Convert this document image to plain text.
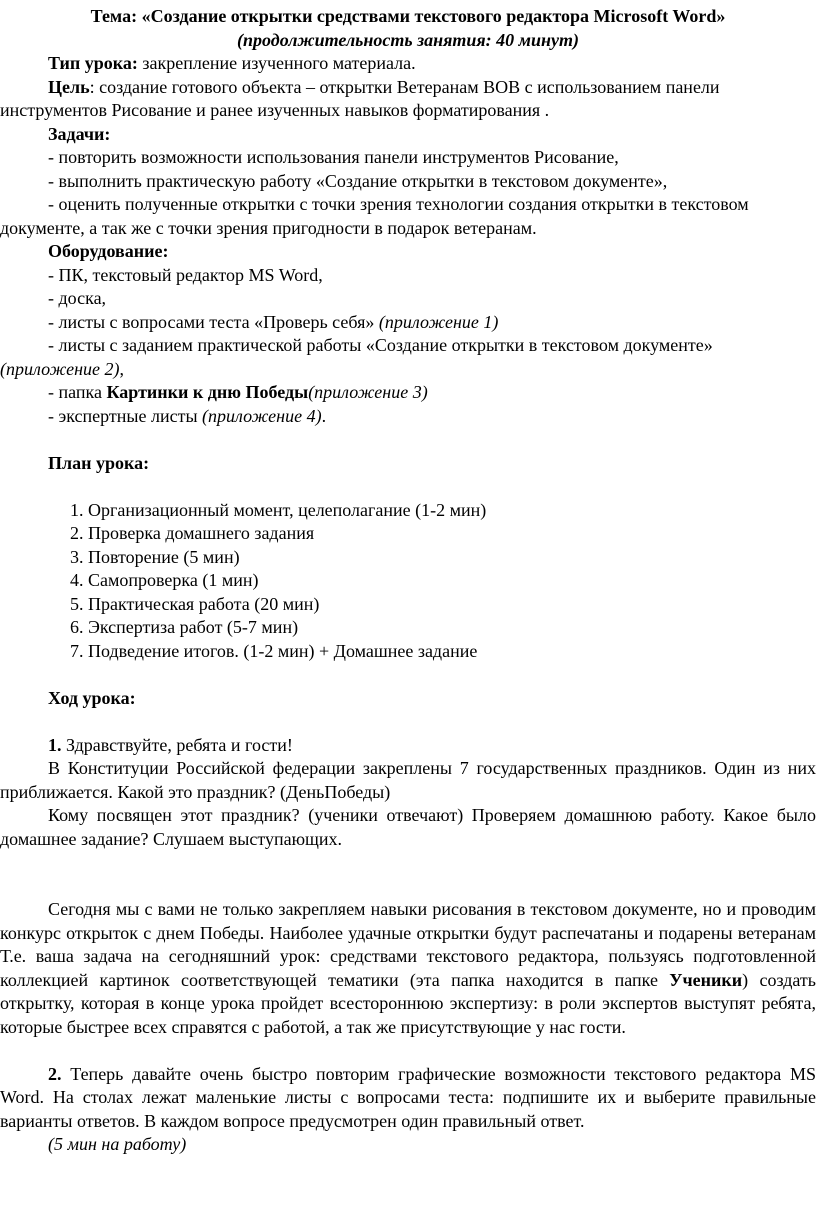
Тема: «Создание открытки средствами текстового редактора Microsoft Word»
(продолжительность занятия: 40 минут)

Тип урока: закрепление изученного материала.

Цель: создание готового объекта – открытки Ветеранам ВОВ с использованием панели инструментов Рисование и ранее изученных навыков форматирования .

Задачи:

- повторить возможности использования панели инструментов Рисование,

- выполнить практическую работу «Создание открытки в текстовом документе»,

- оценить полученные открытки с точки зрения технологии создания открытки в текстовом документе, а так же с точки зрения пригодности в подарок ветеранам.

Оборудование:

- ПК, текстовый редактор MS Word,

- доска,

- листы с вопросами теста «Проверь себя» (приложение 1)

- листы с заданием практической работы «Создание открытки в текстовом документе» (приложение 2),

- папка Картинки к дню Победы(приложение 3)

- экспертные листы (приложение 4).

План урока:

1. Организационный момент, целеполагание (1-2 мин)
2. Проверка домашнего задания
3. Повторение (5 мин)
4. Самопроверка (1 мин)
5. Практическая работа (20 мин)
6. Экспертиза работ (5-7 мин)
7. Подведение итогов. (1-2 мин) + Домашнее задание

Ход урока:

1. Здравствуйте, ребята и гости!

В Конституции Российской федерации закреплены 7 государственных праздников. Один из них приближается. Какой это праздник? (ДеньПобеды)

Кому посвящен этот праздник? (ученики отвечают) Проверяем домашнюю работу. Какое было домашнее задание? Слушаем выступающих.

Сегодня мы с вами не только закрепляем навыки рисования в текстовом документе, но и проводим конкурс открыток с днем Победы. Наиболее удачные открытки будут распечатаны и подарены ветеранам Т.е. ваша задача на сегодняшний урок: средствами текстового редактора, пользуясь подготовленной коллекцией картинок соответствующей тематики (эта папка находится в папке Ученики) создать открытку, которая в конце урока пройдет всестороннюю экспертизу: в роли экспертов выступят ребята, которые быстрее всех справятся с работой, а так же присутствующие у нас гости.

2. Теперь давайте очень быстро повторим графические возможности текстового редактора MS Word. На столах лежат маленькие листы с вопросами теста: подпишите их и выберите правильные варианты ответов. В каждом вопросе предусмотрен один правильный ответ.

(5 мин на работу)
